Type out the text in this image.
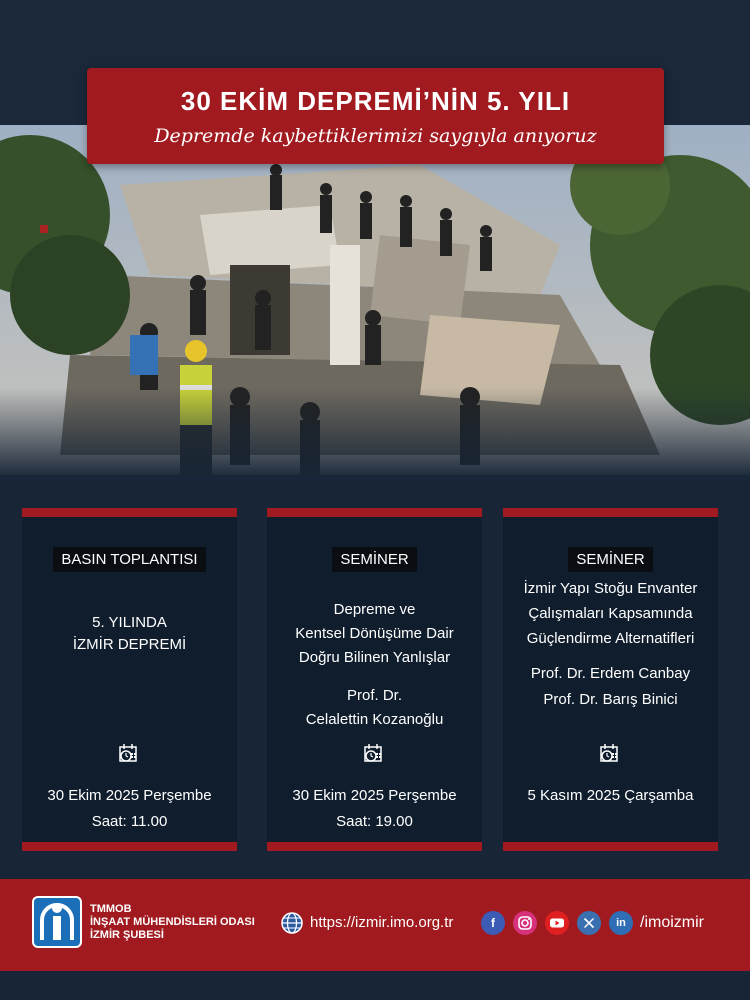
30 EKİM DEPREMİ’NİN 5. YILI
Depremde kaybettiklerimizi saygıyla anıyoruz
BASIN TOPLANTISI
5. YILINDA
İZMİR DEPREMİ
30 Ekim 2025 Perşembe
Saat: 11.00
SEMİNER
Depreme ve
Kentsel Dönüşüme Dair
Doğru Bilinen Yanlışlar
Prof. Dr.
Celalettin Kozanoğlu
30 Ekim 2025 Perşembe
Saat: 19.00
SEMİNER
İzmir Yapı Stoğu Envanter
Çalışmaları Kapsamında
Güçlendirme Alternatifleri
Prof. Dr. Erdem Canbay
Prof. Dr. Barış Binici
5 Kasım 2025 Çarşamba
TMMOB
İNŞAAT MÜHENDİSLERİ ODASI
İZMİR ŞUBESİ
https://izmir.imo.org.tr	f	in /imoizmir
